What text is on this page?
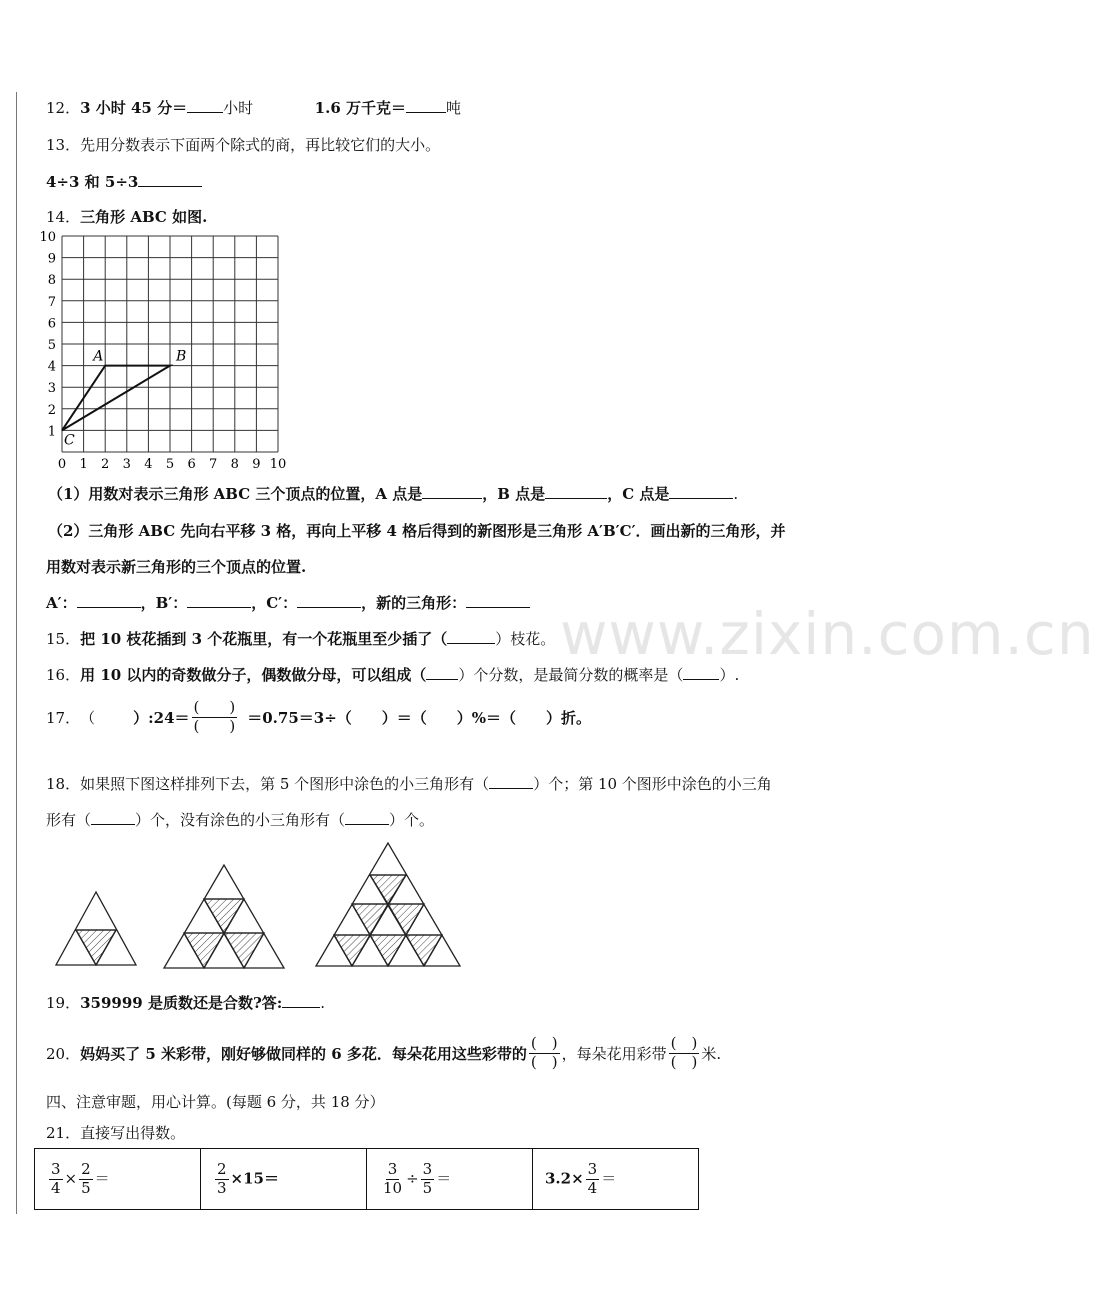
www.zixin.com.cn
12．3 小时 45 分＝ 小时	1.6 万千克＝	吨
13．先用分数表示下面两个除式的商，再比较它们的大小。
4÷3 和 5÷3
14．三角形 ABC 如图.
0 1 2 3 4 5 6 7 8 9 10
1
2
3
4
5
6
7
8
9
10
A	B
C
（1）用数对表示三角形 ABC 三个顶点的位置，A 点是	，B 点是	，C 点是	.
（2）三角形 ABC 先向右平移 3 格，再向上平移 4 格后得到的新图形是三角形 A′B′C′．画出新的三角形，并
用数对表示新三角形的三个顶点的位置.
A′：	，B′：	，C′：	，新的三角形：
15．把 10 枝花插到 3 个花瓶里，有一个花瓶里至少插了（	）枝花。
16．用 10 以内的奇数做分子，偶数做分母，可以组成（ ）个分数，是最简分数的概率是（ ）.
17． （	）:24＝ $\frac{( )}{( )} =0.75=3\div$（　　）＝（　　）%＝（　　）折。
18．如果照下图这样排列下去，第 5 个图形中涂色的小三角形有（	）个；第 10 个图形中涂色的小三角
形有（	）个，没有涂色的小三角形有（	）个。
19．359999 是质数还是合数?答:	.
20． 妈妈买了 5 米彩带，刚好够做同样的 6 多花．每朵花用这些彩带的 $\frac{( )}{( )}$ ，每朵花用彩带 $\frac{( )}{( )}$ 米.
四、注意审题，用心计算。(每题 6 分，共 18 分）
21．直接写出得数。
$\frac{3}{4} \times \frac{2}{5}$ ＝	$\frac{2}{3} \times 15=$	$\frac{3}{10} \div \frac{3}{5}$ ＝	$3.2\times \frac{3}{4}$ ＝
